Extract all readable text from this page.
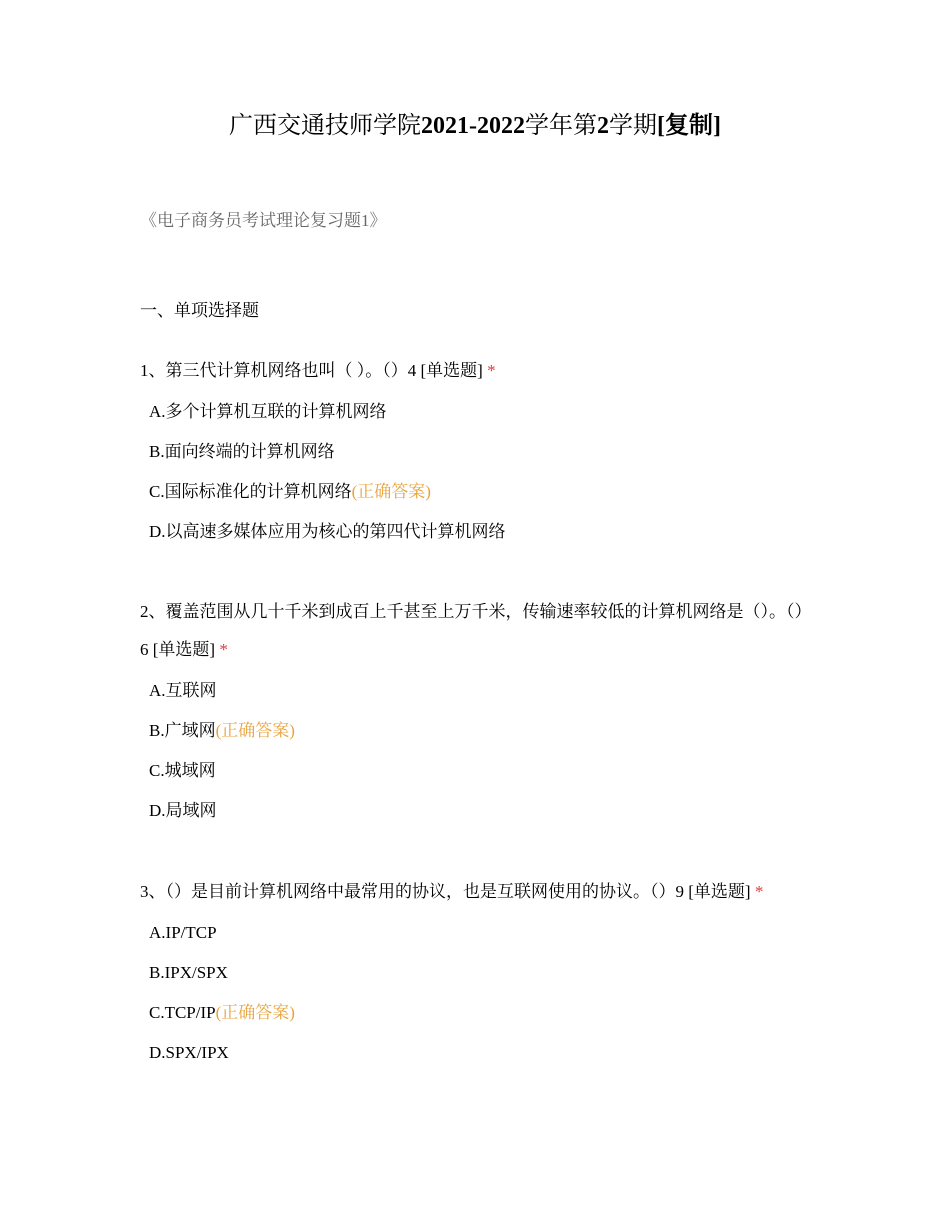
广西交通技师学院2021-2022学年第2学期[复制]
《电子商务员考试理论复习题1》
一、单项选择题

1、第三代计算机网络也叫（ ）。（）4 [单选题] *

A.多个计算机互联的计算机网络
B.面向终端的计算机网络
C.国际标准化的计算机网络(正确答案)
D.以高速多媒体应用为核心的第四代计算机网络

2、覆盖范围从几十千米到成百上千甚至上万千米，传输速率较低的计算机网络是（）。（）6 [单选题] *

A.互联网
B.广域网(正确答案)
C.城域网
D.局域网

3、（）是目前计算机网络中最常用的协议，也是互联网使用的协议。（）9 [单选题] *

A.IP/TCP
B.IPX/SPX
C.TCP/IP(正确答案)
D.SPX/IPX
